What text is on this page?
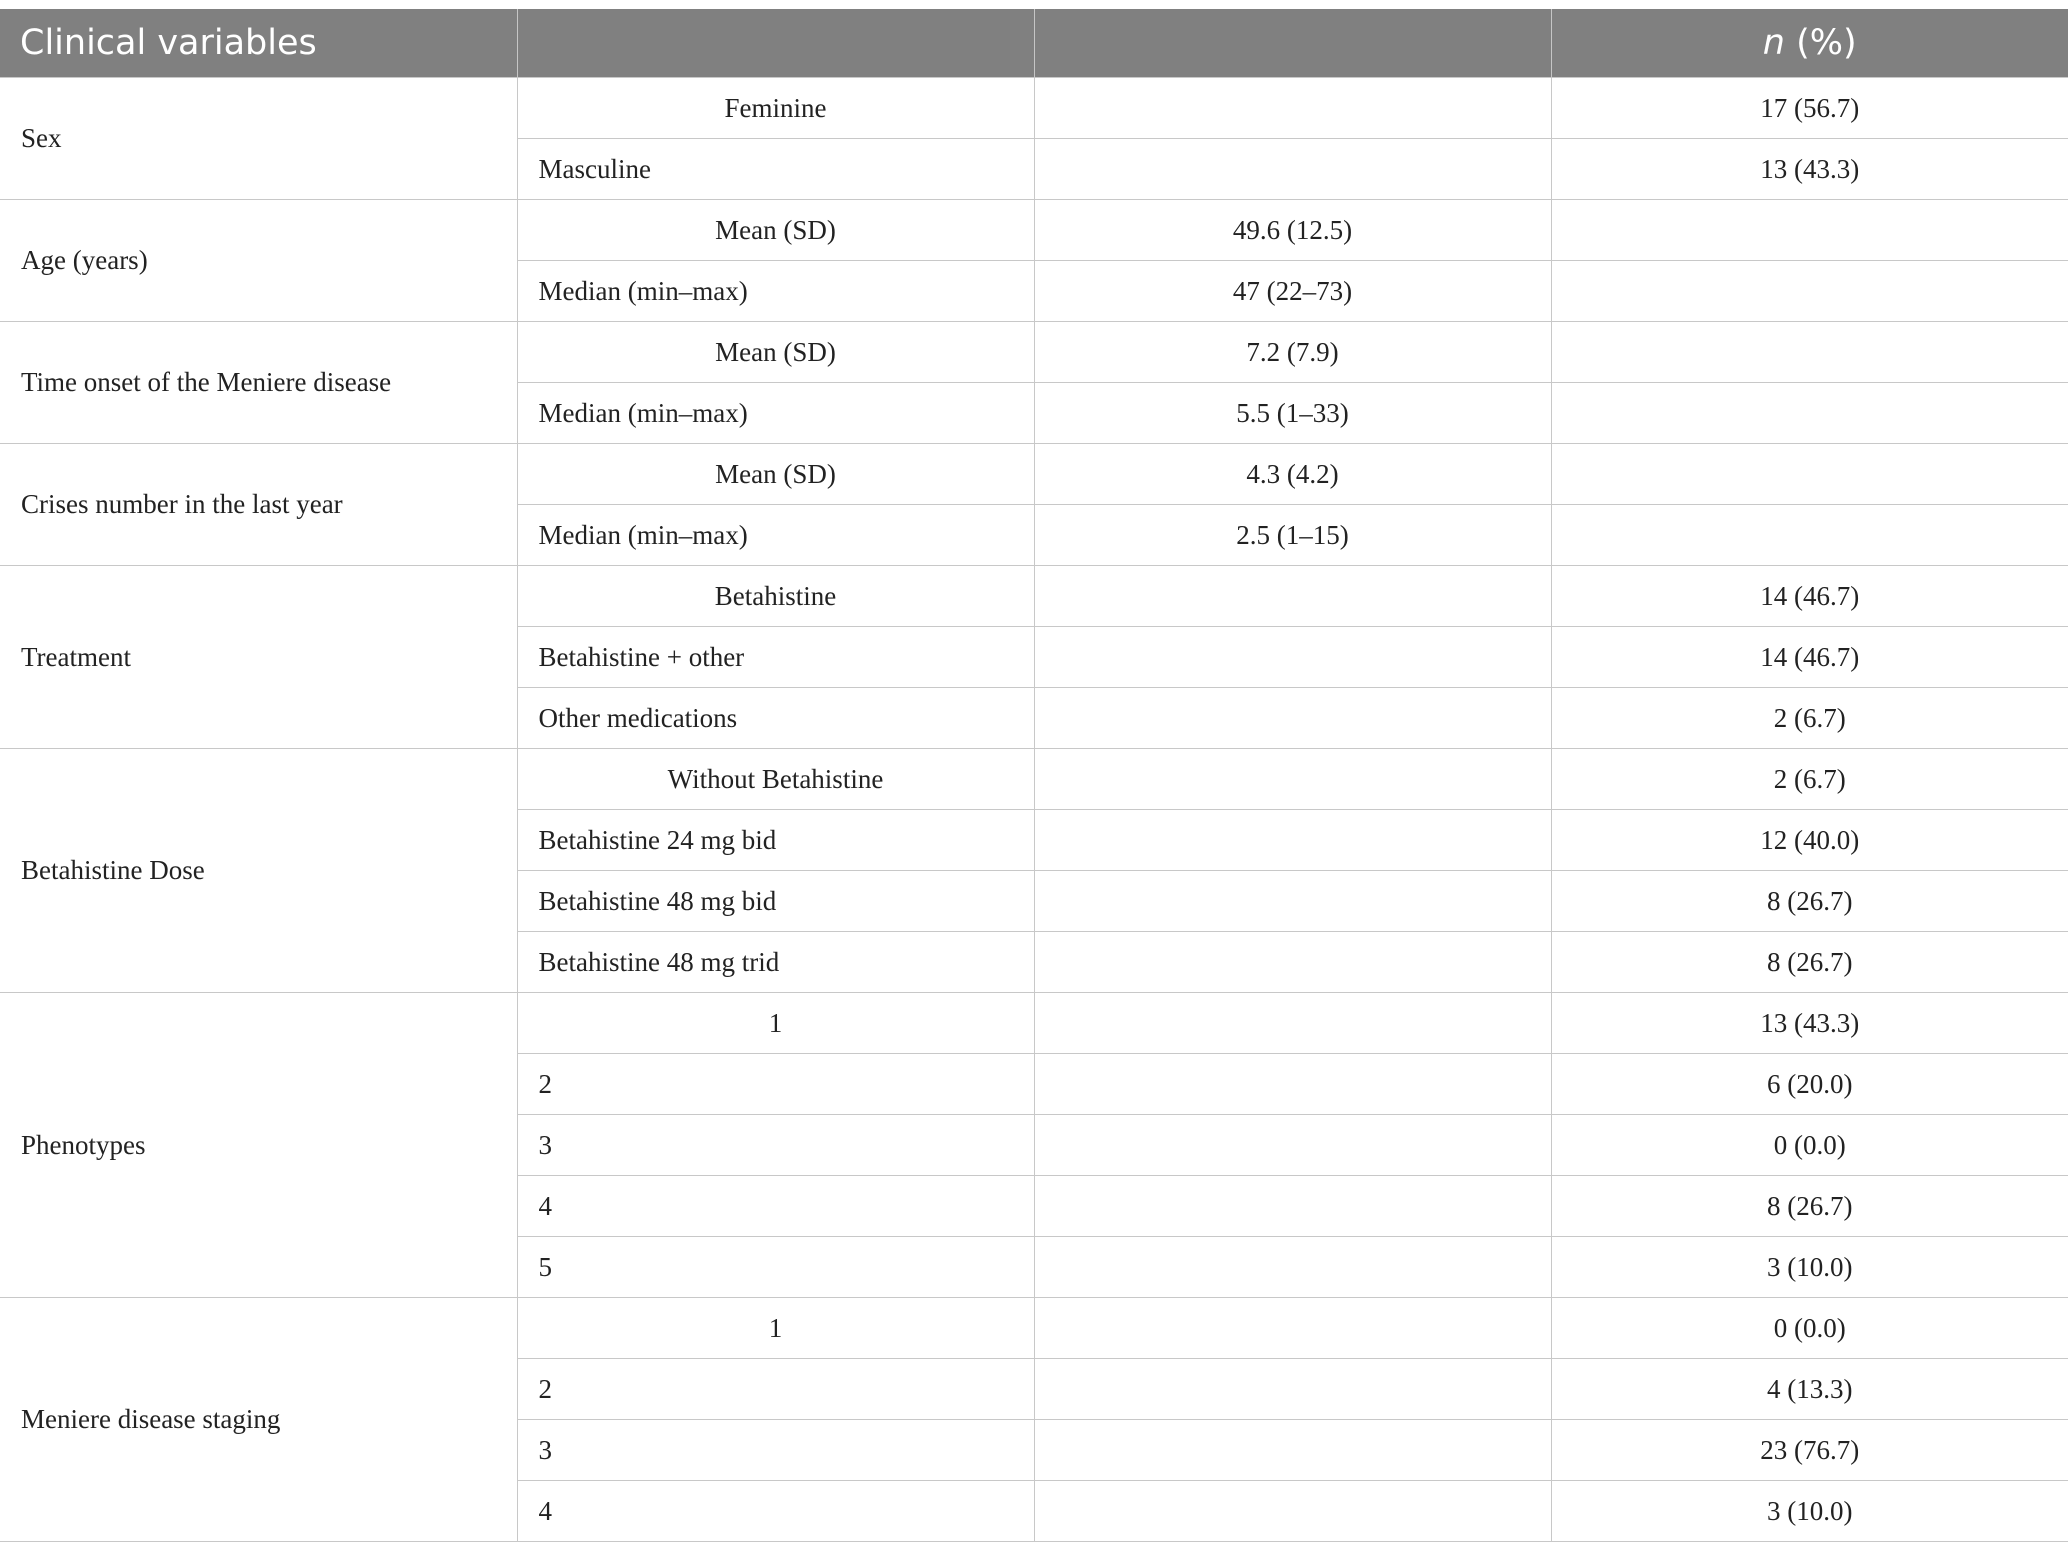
Clinical variables			n (%)
Sex	Feminine		17 (56.7)
	Masculine		13 (43.3)
Age (years)	Mean (SD)	49.6 (12.5)	
	Median (min–max)	47 (22–73)	
Time onset of the Meniere disease	Mean (SD)	7.2 (7.9)	
	Median (min–max)	5.5 (1–33)	
Crises number in the last year	Mean (SD)	4.3 (4.2)	
	Median (min–max)	2.5 (1–15)	
Treatment	Betahistine		14 (46.7)
	Betahistine + other		14 (46.7)
	Other medications		2 (6.7)
Betahistine Dose	Without Betahistine		2 (6.7)
	Betahistine 24 mg bid		12 (40.0)
	Betahistine 48 mg bid		8 (26.7)
	Betahistine 48 mg trid		8 (26.7)
Phenotypes	1		13 (43.3)
	2		6 (20.0)
	3		0 (0.0)
	4		8 (26.7)
	5		3 (10.0)
Meniere disease staging	1		0 (0.0)
	2		4 (13.3)
	3		23 (76.7)
	4		3 (10.0)
